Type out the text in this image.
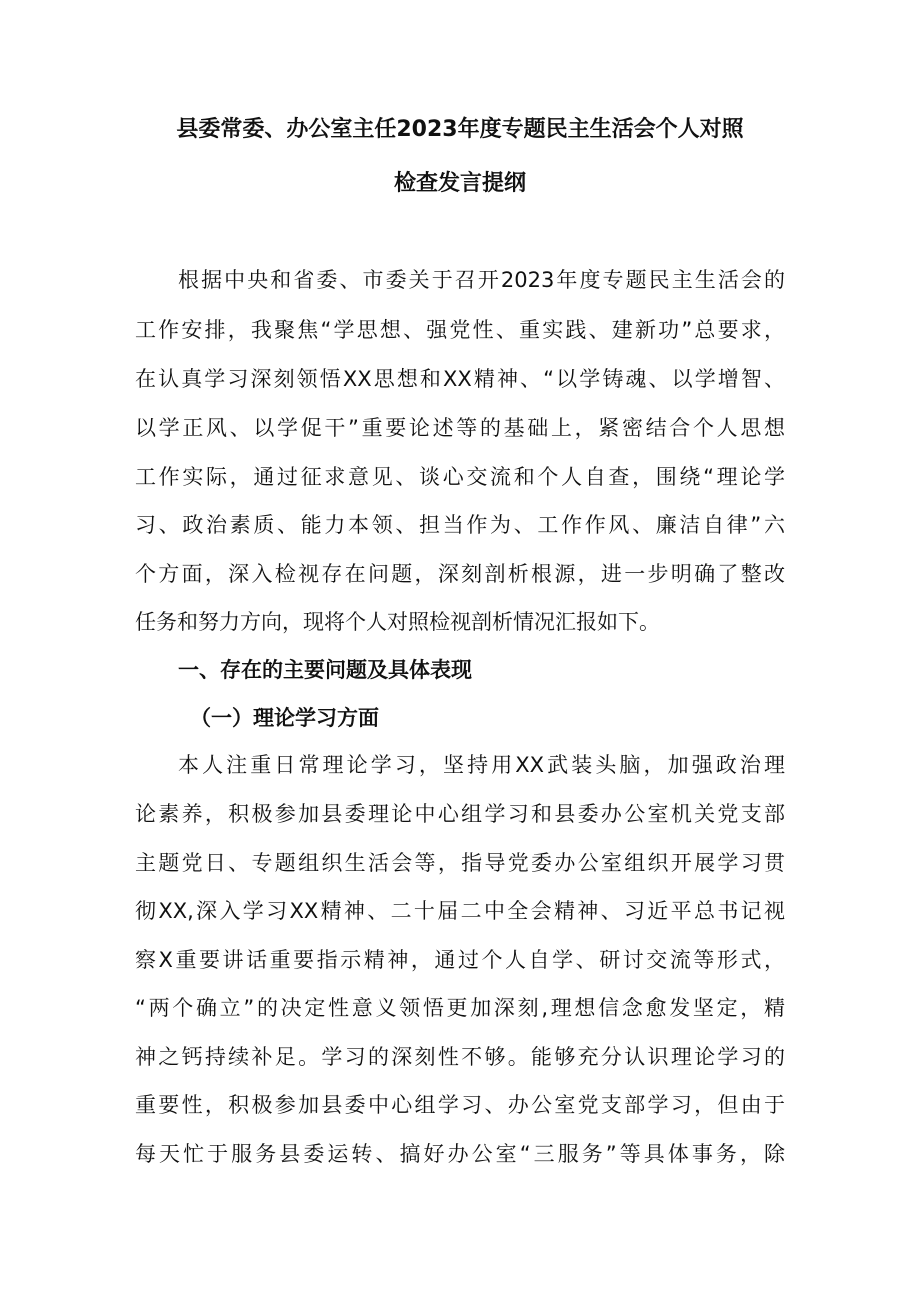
县委常委、办公室主任2023年度专题民主生活会个人对照
检查发言提纲
根据中央和省委、市委关于召开2023年度专题民主生活会的
工作安排，我聚焦“学思想、强党性、重实践、建新功”总要求，
在认真学习深刻领悟XX思想和XX精神、“以学铸魂、以学增智、
以学正风、以学促干”重要论述等的基础上，紧密结合个人思想
工作实际，通过征求意见、谈心交流和个人自查，围绕“理论学
习、政治素质、能力本领、担当作为、工作作风、廉洁自律”六
个方面，深入检视存在问题，深刻剖析根源，进一步明确了整改
任务和努力方向，现将个人对照检视剖析情况汇报如下。
一、存在的主要问题及具体表现
（一）理论学习方面
本人注重日常理论学习，坚持用XX武装头脑，加强政治理
论素养，积极参加县委理论中心组学习和县委办公室机关党支部
主题党日、专题组织生活会等，指导党委办公室组织开展学习贯
彻XX,深入学习XX精神、二十届二中全会精神、习近平总书记视
察X重要讲话重要指示精神，通过个人自学、研讨交流等形式，
“两个确立”的决定性意义领悟更加深刻,理想信念愈发坚定，精
神之钙持续补足。学习的深刻性不够。能够充分认识理论学习的
重要性，积极参加县委中心组学习、办公室党支部学习，但由于
每天忙于服务县委运转、搞好办公室“三服务”等具体事务，除
